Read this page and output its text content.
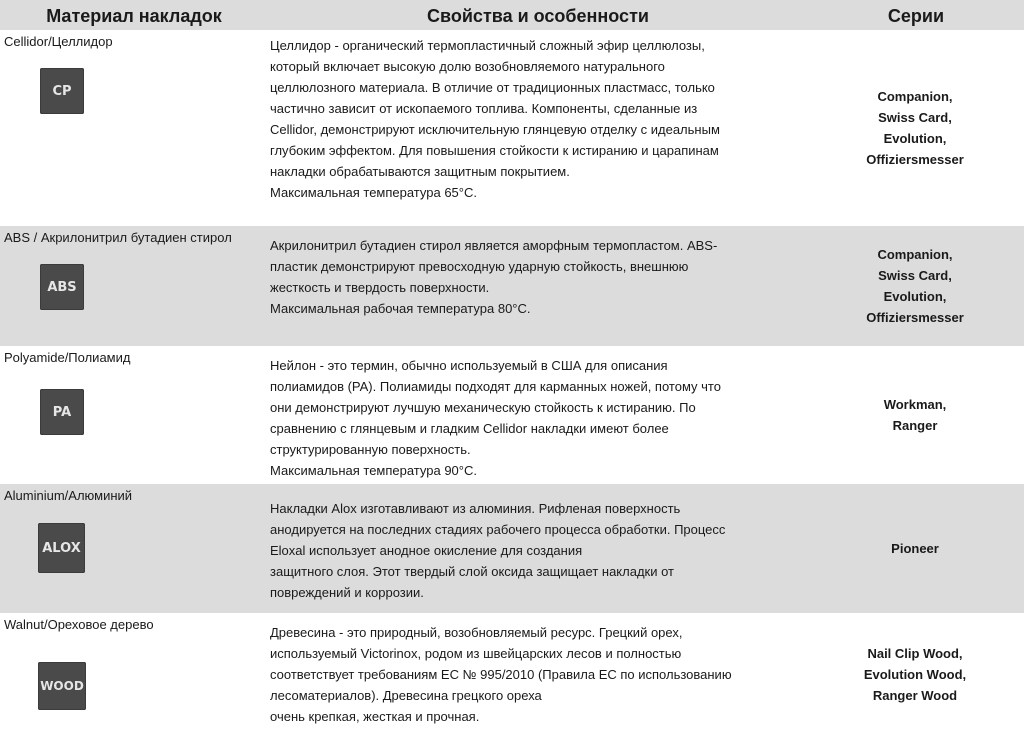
Материал накладок	Свойства и особенности	Серии
Cellidor/Целлидор
CP
Целлидор - органический термопластичный сложный эфир целлюлозы,
который включает высокую долю возобновляемого натурального
целлюлозного материала. В отличие от традиционных пластмасс, только
частично зависит от ископаемого топлива. Компоненты, сделанные из
Cellidor, демонстрируют исключительную глянцевую отделку с идеальным
глубоким эффектом. Для повышения стойкости к истиранию и царапинам
накладки обрабатываются защитным покрытием.
Максимальная температура 65°C.
Companion,
Swiss Card,
Evolution,
Offiziersmesser
ABS / Акрилонитрил бутадиен стирол
ABS
Акрилонитрил бутадиен стирол является аморфным термопластом. ABS-
пластик демонстрируют превосходную ударную стойкость, внешнюю
жесткость и твердость поверхности.
Максимальная рабочая температура 80°C.
Companion,
Swiss Card,
Evolution,
Offiziersmesser
Polyamide/Полиамид
PA
Нейлон - это термин, обычно используемый в США для описания
полиамидов (PA). Полиамиды подходят для карманных ножей, потому что
они демонстрируют лучшую механическую стойкость к истиранию. По
сравнению с глянцевым и гладким Cellidor накладки имеют более
структурированную поверхность.
Максимальная температура 90°C.
Workman,
Ranger
Aluminium/Алюминий
ALOX
Накладки Alox изготавливают из алюминия. Рифленая поверхность
анодируется на последних стадиях рабочего процесса обработки. Процесс
Eloxal использует анодное окисление для создания
защитного слоя. Этот твердый слой оксида защищает накладки от
повреждений и коррозии.
Pioneer
Walnut/Ореховое дерево
WOOD
Древесина - это природный, возобновляемый ресурс. Грецкий орех,
используемый Victorinox, родом из швейцарских лесов и полностью
соответствует требованиям ЕС № 995/2010 (Правила ЕС по использованию
лесоматериалов). Древесина грецкого ореха
очень крепкая, жесткая и прочная.
Nail Clip Wood,
Evolution Wood,
Ranger Wood
